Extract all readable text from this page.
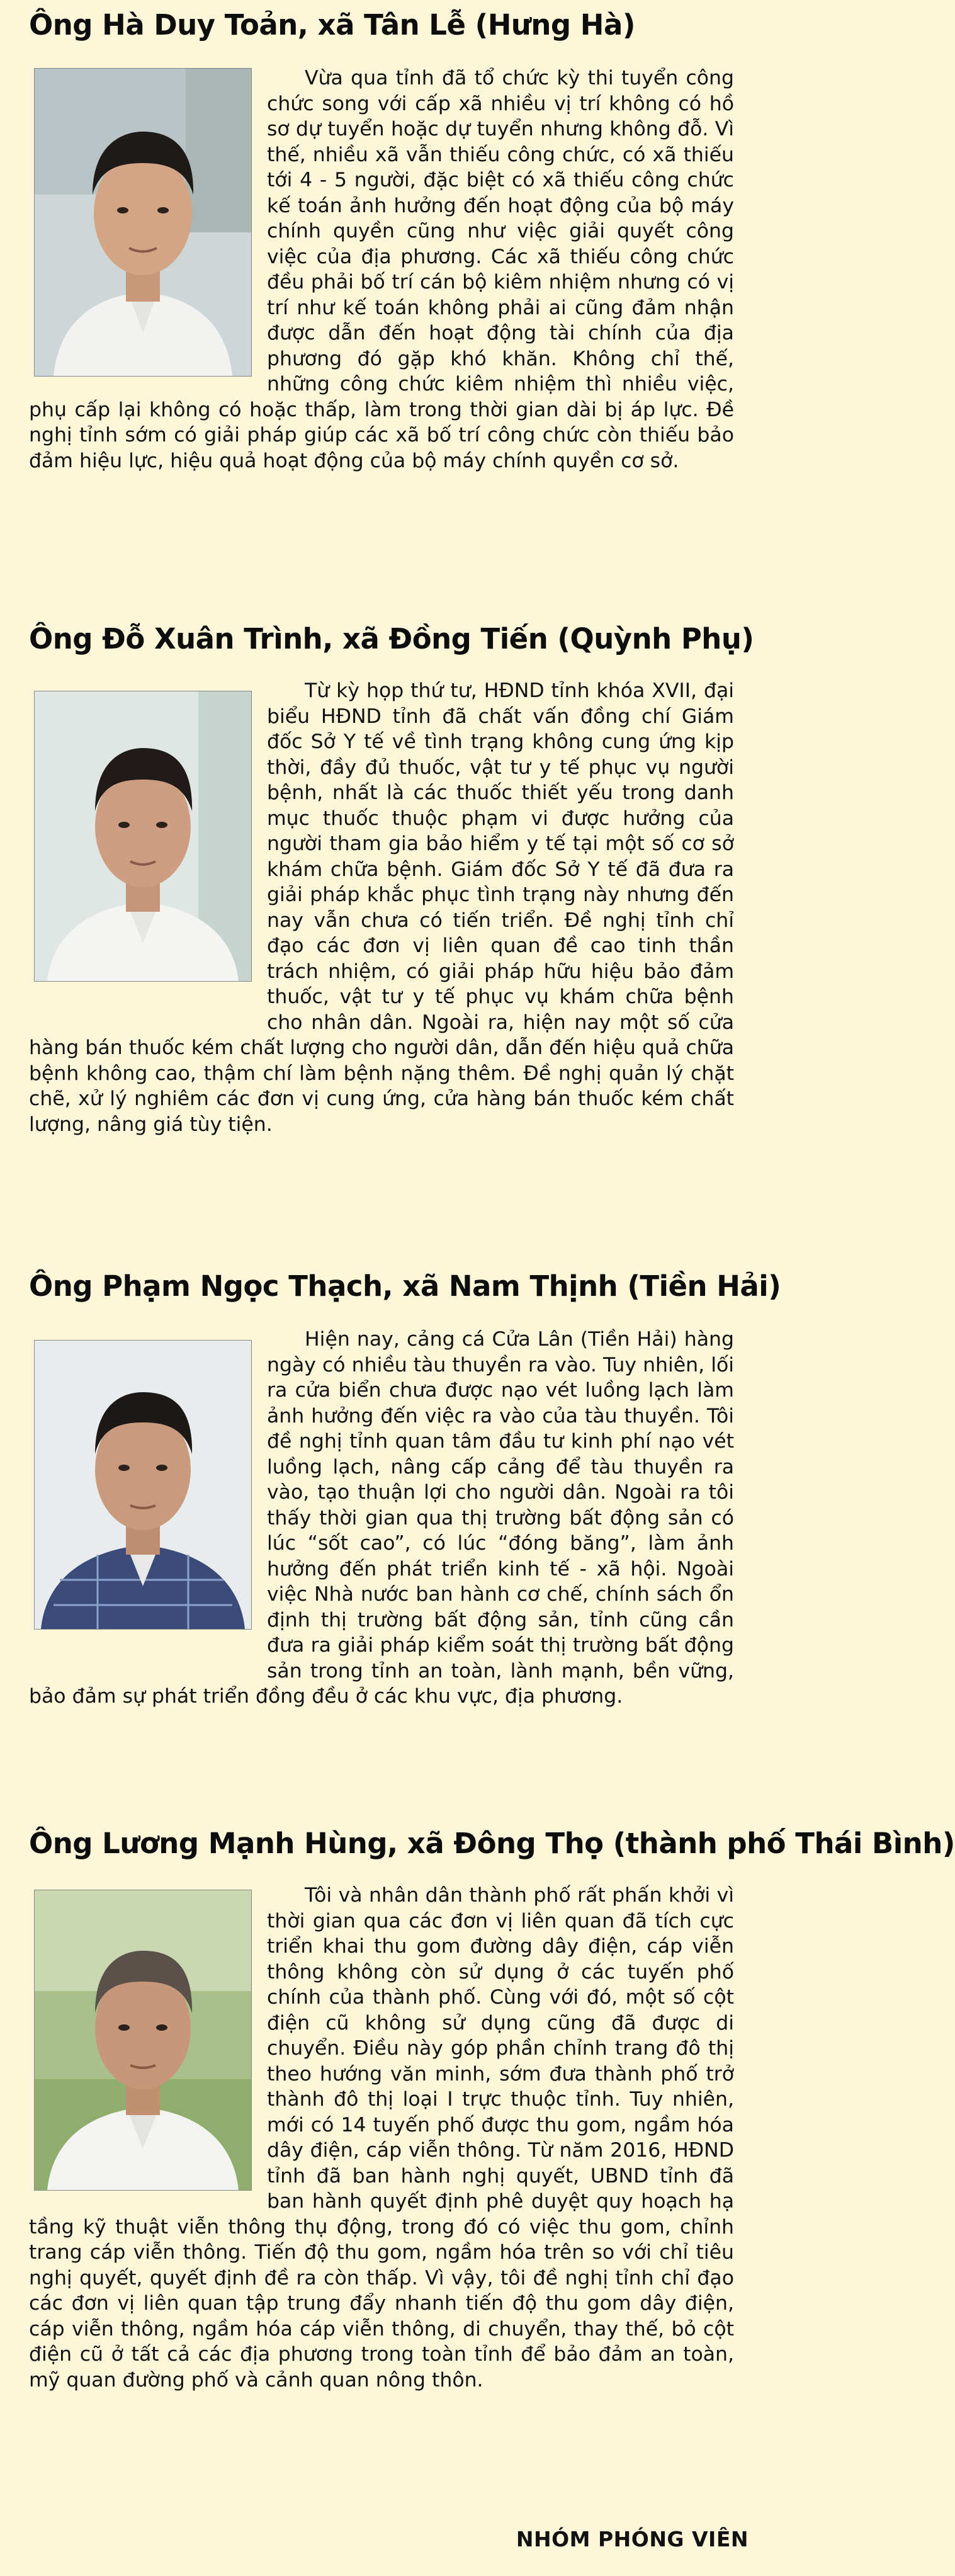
Ông Hà Duy Toản, xã Tân Lễ (Hưng Hà)
Vừa qua tỉnh đã tổ chức kỳ thi tuyển công chức song với cấp xã nhiều vị trí không có hồ sơ dự tuyển hoặc dự tuyển nhưng không đỗ. Vì thế, nhiều xã vẫn thiếu công chức, có xã thiếu tới 4 - 5 người, đặc biệt có xã thiếu công chức kế toán ảnh hưởng đến hoạt động của bộ máy chính quyền cũng như việc giải quyết công việc của địa phương. Các xã thiếu công chức đều phải bố trí cán bộ kiêm nhiệm nhưng có vị trí như kế toán không phải ai cũng đảm nhận được dẫn đến hoạt động tài chính của địa phương đó gặp khó khăn. Không chỉ thế, những công chức kiêm nhiệm thì nhiều việc, phụ cấp lại không có hoặc thấp, làm trong thời gian dài bị áp lực. Đề nghị tỉnh sớm có giải pháp giúp các xã bố trí công chức còn thiếu bảo đảm hiệu lực, hiệu quả hoạt động của bộ máy chính quyền cơ sở.
Ông Đỗ Xuân Trình, xã Đồng Tiến (Quỳnh Phụ)
Từ kỳ họp thứ tư, HĐND tỉnh khóa XVII, đại biểu HĐND tỉnh đã chất vấn đồng chí Giám đốc Sở Y tế về tình trạng không cung ứng kịp thời, đầy đủ thuốc, vật tư y tế phục vụ người bệnh, nhất là các thuốc thiết yếu trong danh mục thuốc thuộc phạm vi được hưởng của người tham gia bảo hiểm y tế tại một số cơ sở khám chữa bệnh. Giám đốc Sở Y tế đã đưa ra giải pháp khắc phục tình trạng này nhưng đến nay vẫn chưa có tiến triển. Đề nghị tỉnh chỉ đạo các đơn vị liên quan đề cao tinh thần trách nhiệm, có giải pháp hữu hiệu bảo đảm thuốc, vật tư y tế phục vụ khám chữa bệnh cho nhân dân. Ngoài ra, hiện nay một số cửa hàng bán thuốc kém chất lượng cho người dân, dẫn đến hiệu quả chữa bệnh không cao, thậm chí làm bệnh nặng thêm. Đề nghị quản lý chặt chẽ, xử lý nghiêm các đơn vị cung ứng, cửa hàng bán thuốc kém chất lượng, nâng giá tùy tiện.
Ông Phạm Ngọc Thạch, xã Nam Thịnh (Tiền Hải)
Hiện nay, cảng cá Cửa Lân (Tiền Hải) hàng ngày có nhiều tàu thuyền ra vào. Tuy nhiên, lối ra cửa biển chưa được nạo vét luồng lạch làm ảnh hưởng đến việc ra vào của tàu thuyền. Tôi đề nghị tỉnh quan tâm đầu tư kinh phí nạo vét luồng lạch, nâng cấp cảng để tàu thuyền ra vào, tạo thuận lợi cho người dân. Ngoài ra tôi thấy thời gian qua thị trường bất động sản có lúc “sốt cao”, có lúc “đóng băng”, làm ảnh hưởng đến phát triển kinh tế - xã hội. Ngoài việc Nhà nước ban hành cơ chế, chính sách ổn định thị trường bất động sản, tỉnh cũng cần đưa ra giải pháp kiểm soát thị trường bất động sản trong tỉnh an toàn, lành mạnh, bền vững, bảo đảm sự phát triển đồng đều ở các khu vực, địa phương.
Ông Lương Mạnh Hùng, xã Đông Thọ (thành phố Thái Bình)
Tôi và nhân dân thành phố rất phấn khởi vì thời gian qua các đơn vị liên quan đã tích cực triển khai thu gom đường dây điện, cáp viễn thông không còn sử dụng ở các tuyến phố chính của thành phố. Cùng với đó, một số cột điện cũ không sử dụng cũng đã được di chuyển. Điều này góp phần chỉnh trang đô thị theo hướng văn minh, sớm đưa thành phố trở thành đô thị loại I trực thuộc tỉnh. Tuy nhiên, mới có 14 tuyến phố được thu gom, ngầm hóa dây điện, cáp viễn thông. Từ năm 2016, HĐND tỉnh đã ban hành nghị quyết, UBND tỉnh đã ban hành quyết định phê duyệt quy hoạch hạ tầng kỹ thuật viễn thông thụ động, trong đó có việc thu gom, chỉnh trang cáp viễn thông. Tiến độ thu gom, ngầm hóa trên so với chỉ tiêu nghị quyết, quyết định đề ra còn thấp. Vì vậy, tôi đề nghị tỉnh chỉ đạo các đơn vị liên quan tập trung đẩy nhanh tiến độ thu gom dây điện, cáp viễn thông, ngầm hóa cáp viễn thông, di chuyển, thay thế, bỏ cột điện cũ ở tất cả các địa phương trong toàn tỉnh để bảo đảm an toàn, mỹ quan đường phố và cảnh quan nông thôn.
NHÓM PHÓNG VIÊN
